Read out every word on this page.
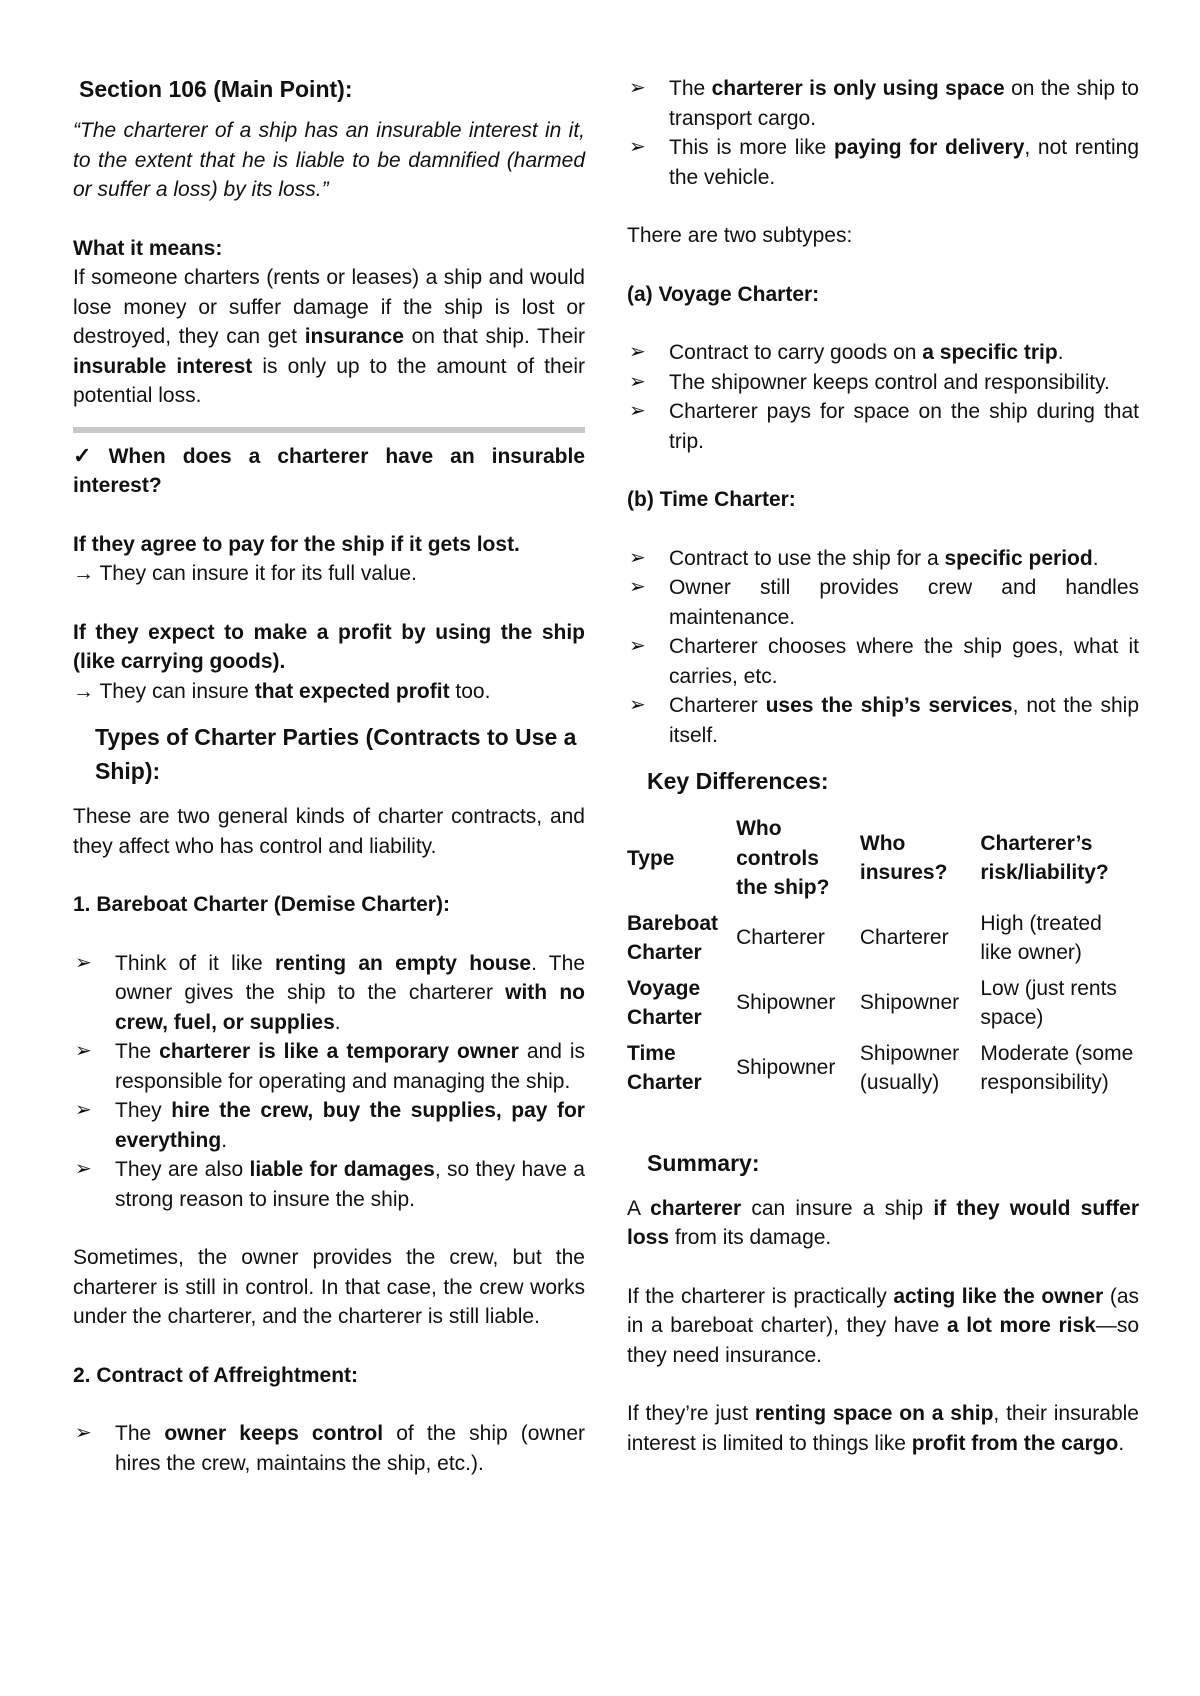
Section 106 (Main Point):

“The charterer of a ship has an insurable interest in it, to the extent that he is liable to be damnified (harmed or suffer a loss) by its loss.”

What it means:

If someone charters (rents or leases) a ship and would lose money or suffer damage if the ship is lost or destroyed, they can get insurance on that ship. Their insurable interest is only up to the amount of their potential loss.

✓ When does a charterer have an insurable interest?

If they agree to pay for the ship if it gets lost.

→ They can insure it for its full value.

If they expect to make a profit by using the ship (like carrying goods).

→ They can insure that expected profit too.

Types of Charter Parties (Contracts to Use a Ship):

These are two general kinds of charter contracts, and they affect who has control and liability.

1. Bareboat Charter (Demise Charter):

➢ Think of it like renting an empty house. The owner gives the ship to the charterer with no crew, fuel, or supplies.
➢ The charterer is like a temporary owner and is responsible for operating and managing the ship.
➢ They hire the crew, buy the supplies, pay for everything.
➢ They are also liable for damages, so they have a strong reason to insure the ship.

Sometimes, the owner provides the crew, but the charterer is still in control. In that case, the crew works under the charterer, and the charterer is still liable.

2. Contract of Affreightment:

➢ The owner keeps control of the ship (owner hires the crew, maintains the ship, etc.).
➢ The charterer is only using space on the ship to transport cargo.
➢ This is more like paying for delivery, not renting the vehicle.

There are two subtypes:

(a) Voyage Charter:

➢ Contract to carry goods on a specific trip.
➢ The shipowner keeps control and responsibility.
➢ Charterer pays for space on the ship during that trip.

(b) Time Charter:

➢ Contract to use the ship for a specific period.
➢ Owner still provides crew and handles maintenance.
➢ Charterer chooses where the ship goes, what it carries, etc.
➢ Charterer uses the ship’s services, not the ship itself.

Key Differences:

Type	Who controls the ship?	Who insures?	Charterer’s risk/liability?
Bareboat Charter	Charterer	Charterer	High (treated like owner)
Voyage Charter	Shipowner	Shipowner	Low (just rents space)
Time Charter	Shipowner	Shipowner (usually)	Moderate (some responsibility)

Summary:

A charterer can insure a ship if they would suffer loss from its damage.

If the charterer is practically acting like the owner (as in a bareboat charter), they have a lot more risk—so they need insurance.

If they’re just renting space on a ship, their insurable interest is limited to things like profit from the cargo.
